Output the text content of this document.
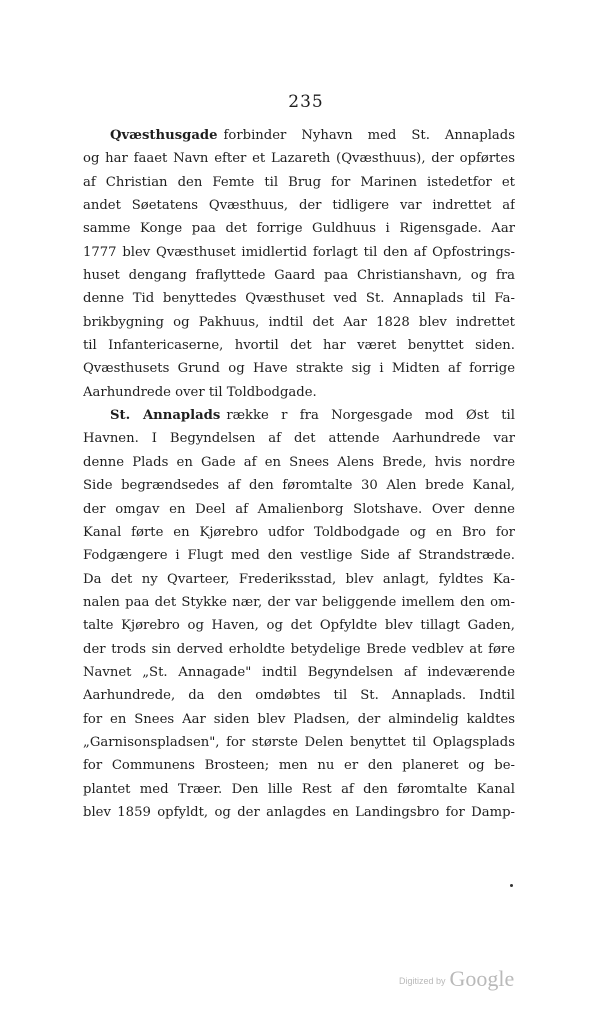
235
Qvæsthusgade forbinder Nyhavn med St. Annaplads
og har faaet Navn efter et Lazareth (Qvæsthuus), der opførtes
af Christian den Femte til Brug for Marinen istedetfor et
andet Søetatens Qvæsthuus, der tidligere var indrettet af
samme Konge paa det forrige Guldhuus i Rigensgade. Aar
1777 blev Qvæsthuset imidlertid forlagt til den af Opfostrings-
huset dengang fraflyttede Gaard paa Christianshavn, og fra
denne Tid benyttedes Qvæsthuset ved St. Annaplads til Fa-
brikbygning og Pakhuus, indtil det Aar 1828 blev indrettet
til Infantericaserne, hvortil det har været benyttet siden.
Qvæsthusets Grund og Have strakte sig i Midten af forrige
Aarhundrede over til Toldbodgade.
St. Annaplads række r fra Norgesgade mod Øst til
Havnen. I Begyndelsen af det attende Aarhundrede var
denne Plads en Gade af en Snees Alens Brede, hvis nordre
Side begrændsedes af den føromtalte 30 Alen brede Kanal,
der omgav en Deel af Amalienborg Slotshave. Over denne
Kanal førte en Kjørebro udfor Toldbodgade og en Bro for
Fodgængere i Flugt med den vestlige Side af Strandstræde.
Da det ny Qvarteer, Frederiksstad, blev anlagt, fyldtes Ka-
nalen paa det Stykke nær, der var beliggende imellem den om-
talte Kjørebro og Haven, og det Opfyldte blev tillagt Gaden,
der trods sin derved erholdte betydelige Brede vedblev at føre
Navnet „St. Annagade" indtil Begyndelsen af indeværende
Aarhundrede, da den omdøbtes til St. Annaplads. Indtil
for en Snees Aar siden blev Pladsen, der almindelig kaldtes
„Garnisonspladsen", for største Delen benyttet til Oplagsplads
for Communens Brosteen; men nu er den planeret og be-
plantet med Træer. Den lille Rest af den føromtalte Kanal
blev 1859 opfyldt, og der anlagdes en Landingsbro for Damp-
Digitized by Google
